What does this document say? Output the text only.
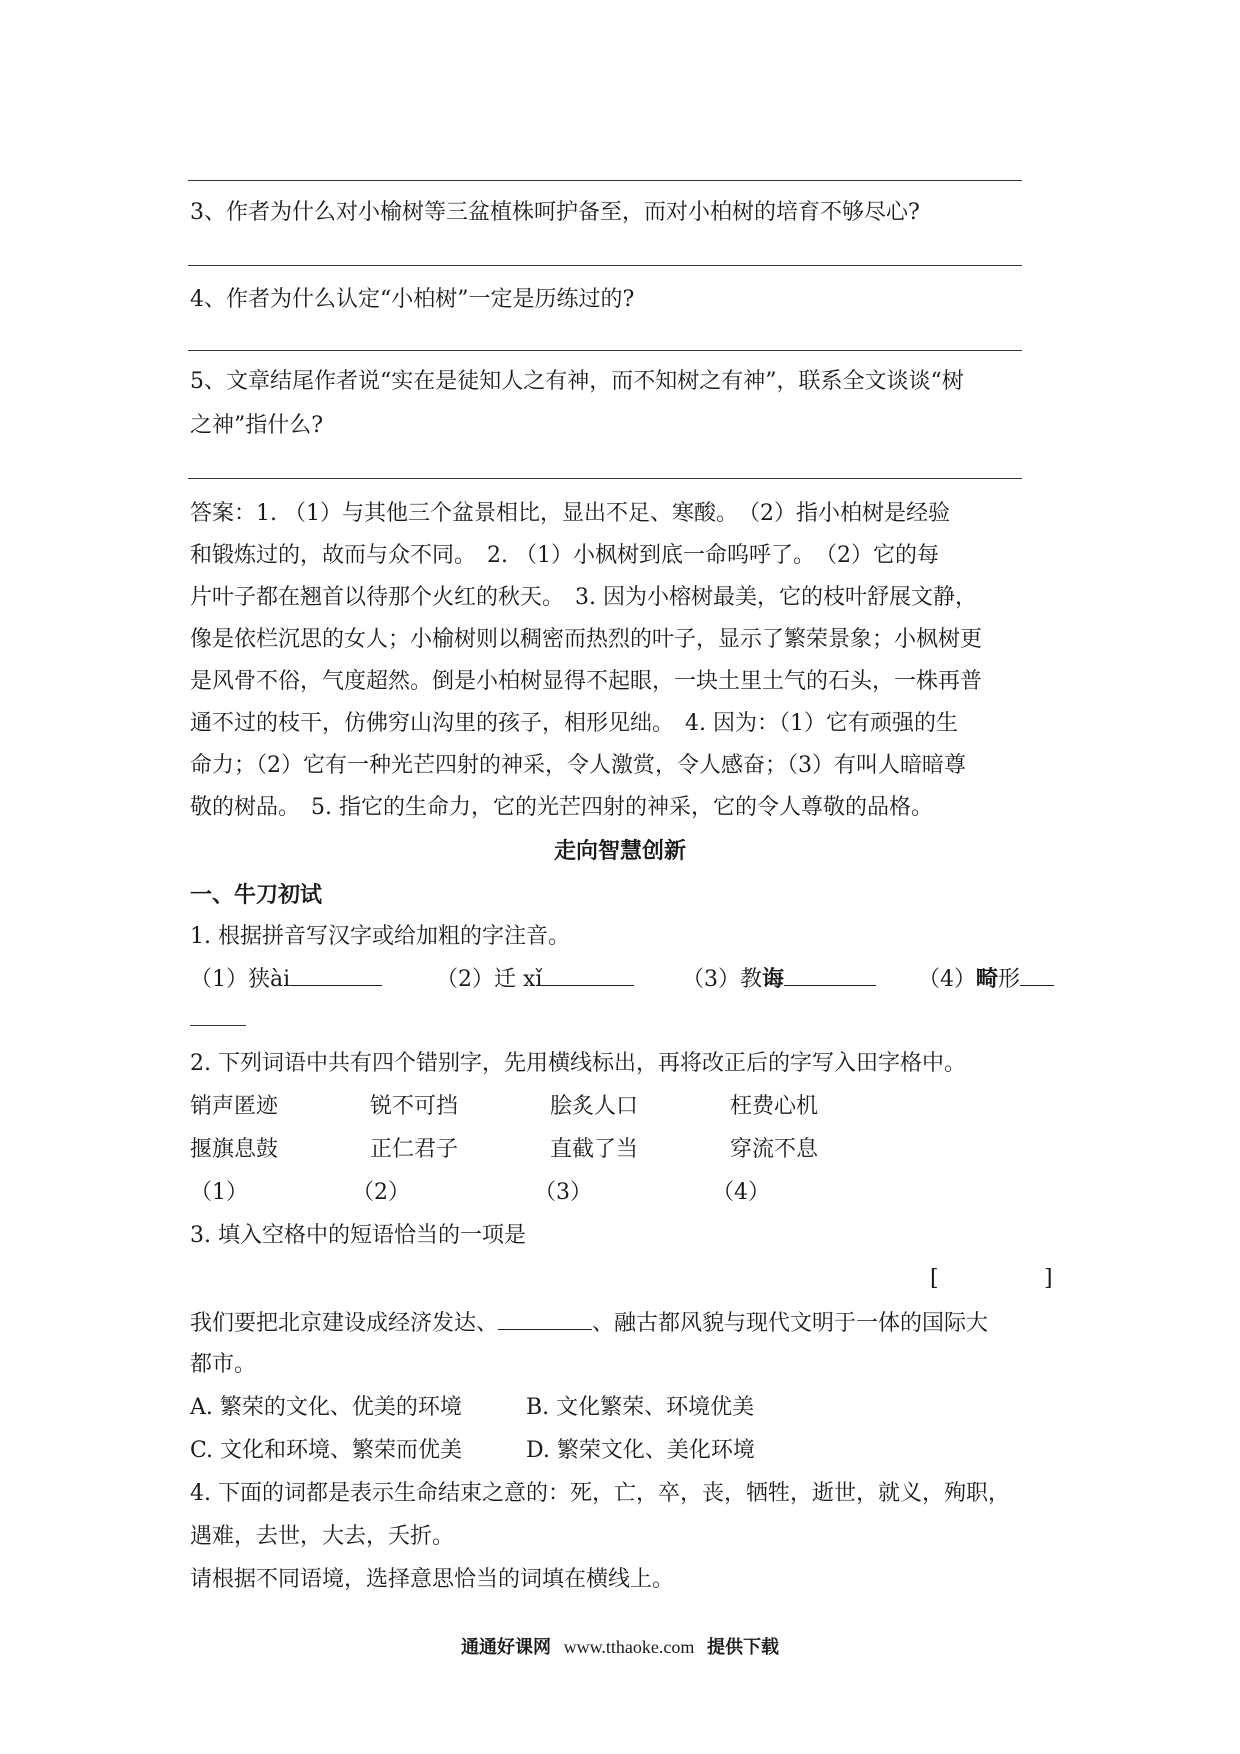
3、作者为什么对小榆树等三盆植株呵护备至，而对小柏树的培育不够尽心?
4、作者为什么认定“小柏树”一定是历练过的?
5、文章结尾作者说“实在是徒知人之有神，而不知树之有神”，联系全文谈谈“树
之神”指什么?
答案：1. （1）与其他三个盆景相比，显出不足、寒酸。　（2）指小柏树是经验
和锻炼过的，故而与众不同。　2. （1）小枫树到底一命呜呼了。　（2）它的每
片叶子都在翘首以待那个火红的秋天。　3. 因为小榕树最美，它的枝叶舒展文静，
像是依栏沉思的女人；小榆树则以稠密而热烈的叶子，显示了繁荣景象；小枫树更
是风骨不俗，气度超然。倒是小柏树显得不起眼，一块土里土气的石头，一株再普
通不过的枝干，仿佛穷山沟里的孩子，相形见绌。　4. 因为：（1）它有顽强的生
命力；（2）它有一种光芒四射的神采，令人激赏，令人感奋；（3）有叫人暗暗尊
敬的树品。　5. 指它的生命力，它的光芒四射的神采，它的令人尊敬的品格。
走向智慧创新
一、牛刀初试
1. 根据拼音写汉字或给加粗的字注音。
（1）狭ài	（2）迁 xǐ	（3）教诲	（4）畸形
2. 下列词语中共有四个错别字，先用横线标出，再将改正后的字写入田字格中。
销声匿迹	锐不可挡	脍炙人口	枉费心机
揠旗息鼓	正仁君子	直截了当	穿流不息
（1）	（2）	（3）	（4）
3. 填入空格中的短语恰当的一项是
[	]
我们要把北京建设成经济发达、	、融古都风貌与现代文明于一体的国际大
都市。
A. 繁荣的文化、优美的环境	B. 文化繁荣、环境优美
C. 文化和环境、繁荣而优美	D. 繁荣文化、美化环境
4. 下面的词都是表示生命结束之意的：死，亡，卒，丧，牺牲，逝世，就义，殉职，
遇难，去世，大去，夭折。
请根据不同语境，选择意思恰当的词填在横线上。
通通好课网 www.tthaoke.com 提供下载
